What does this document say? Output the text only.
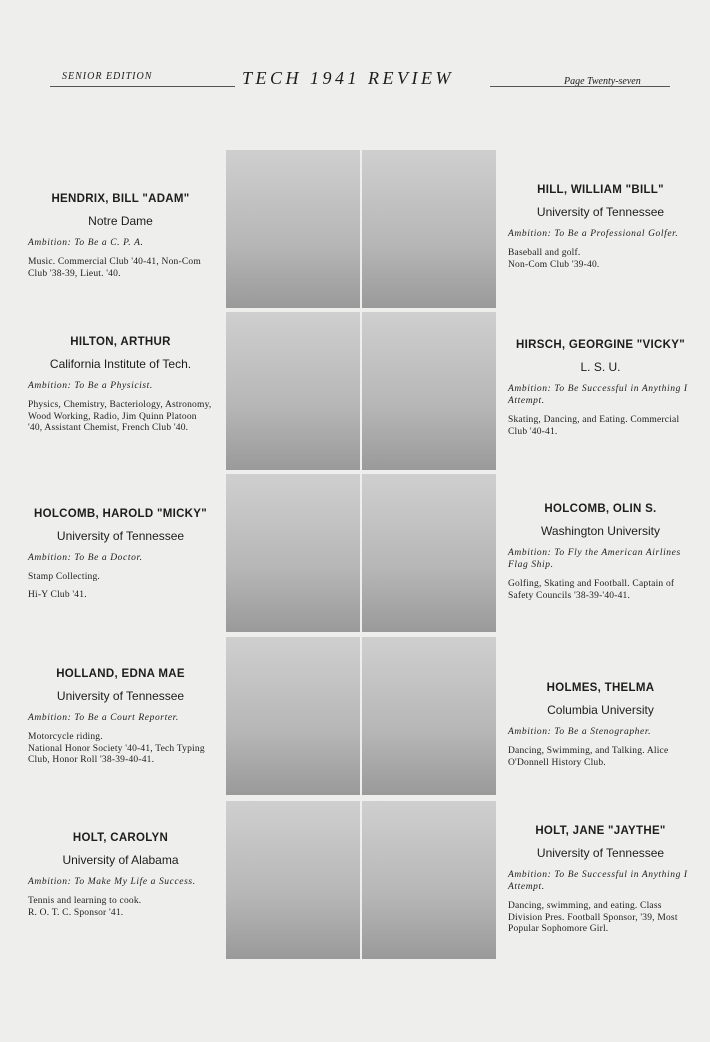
SENIOR EDITION	TECH 1941 REVIEW	Page Twenty-seven
HENDRIX, BILL "ADAM"
Notre Dame
Ambition: To Be a C. P. A.
Music. Commercial Club '40-41, Non-Com Club '38-39, Lieut. '40.
HILL, WILLIAM "BILL"
University of Tennessee
Ambition: To Be a Professional Golfer.
Baseball and golf.
Non-Com Club '39-40.
HILTON, ARTHUR
California Institute of Tech.
Ambition: To Be a Physicist.
Physics, Chemistry, Bacteriology, Astronomy, Wood Working, Radio, Jim Quinn Platoon '40, Assistant Chemist, French Club '40.
HIRSCH, GEORGINE "VICKY"
L. S. U.
Ambition: To Be Successful in Anything I Attempt.
Skating, Dancing, and Eating. Commercial Club '40-41.
HOLCOMB, HAROLD "MICKY"
University of Tennessee
Ambition: To Be a Doctor.
Stamp Collecting.
Hi-Y Club '41.
HOLCOMB, OLIN S.
Washington University
Ambition: To Fly the American Airlines Flag Ship.
Golfing, Skating and Football. Captain of Safety Councils '38-39-'40-41.
HOLLAND, EDNA MAE
University of Tennessee
Ambition: To Be a Court Reporter.
Motorcycle riding.
National Honor Society '40-41, Tech Typing Club, Honor Roll '38-39-40-41.
HOLMES, THELMA
Columbia University
Ambition: To Be a Stenographer.
Dancing, Swimming, and Talking. Alice O'Donnell History Club.
HOLT, CAROLYN
University of Alabama
Ambition: To Make My Life a Success.
Tennis and learning to cook.
R. O. T. C. Sponsor '41.
HOLT, JANE "JAYTHE"
University of Tennessee
Ambition: To Be Successful in Anything I Attempt.
Dancing, swimming, and eating. Class Division Pres. Football Sponsor, '39, Most Popular Sophomore Girl.
